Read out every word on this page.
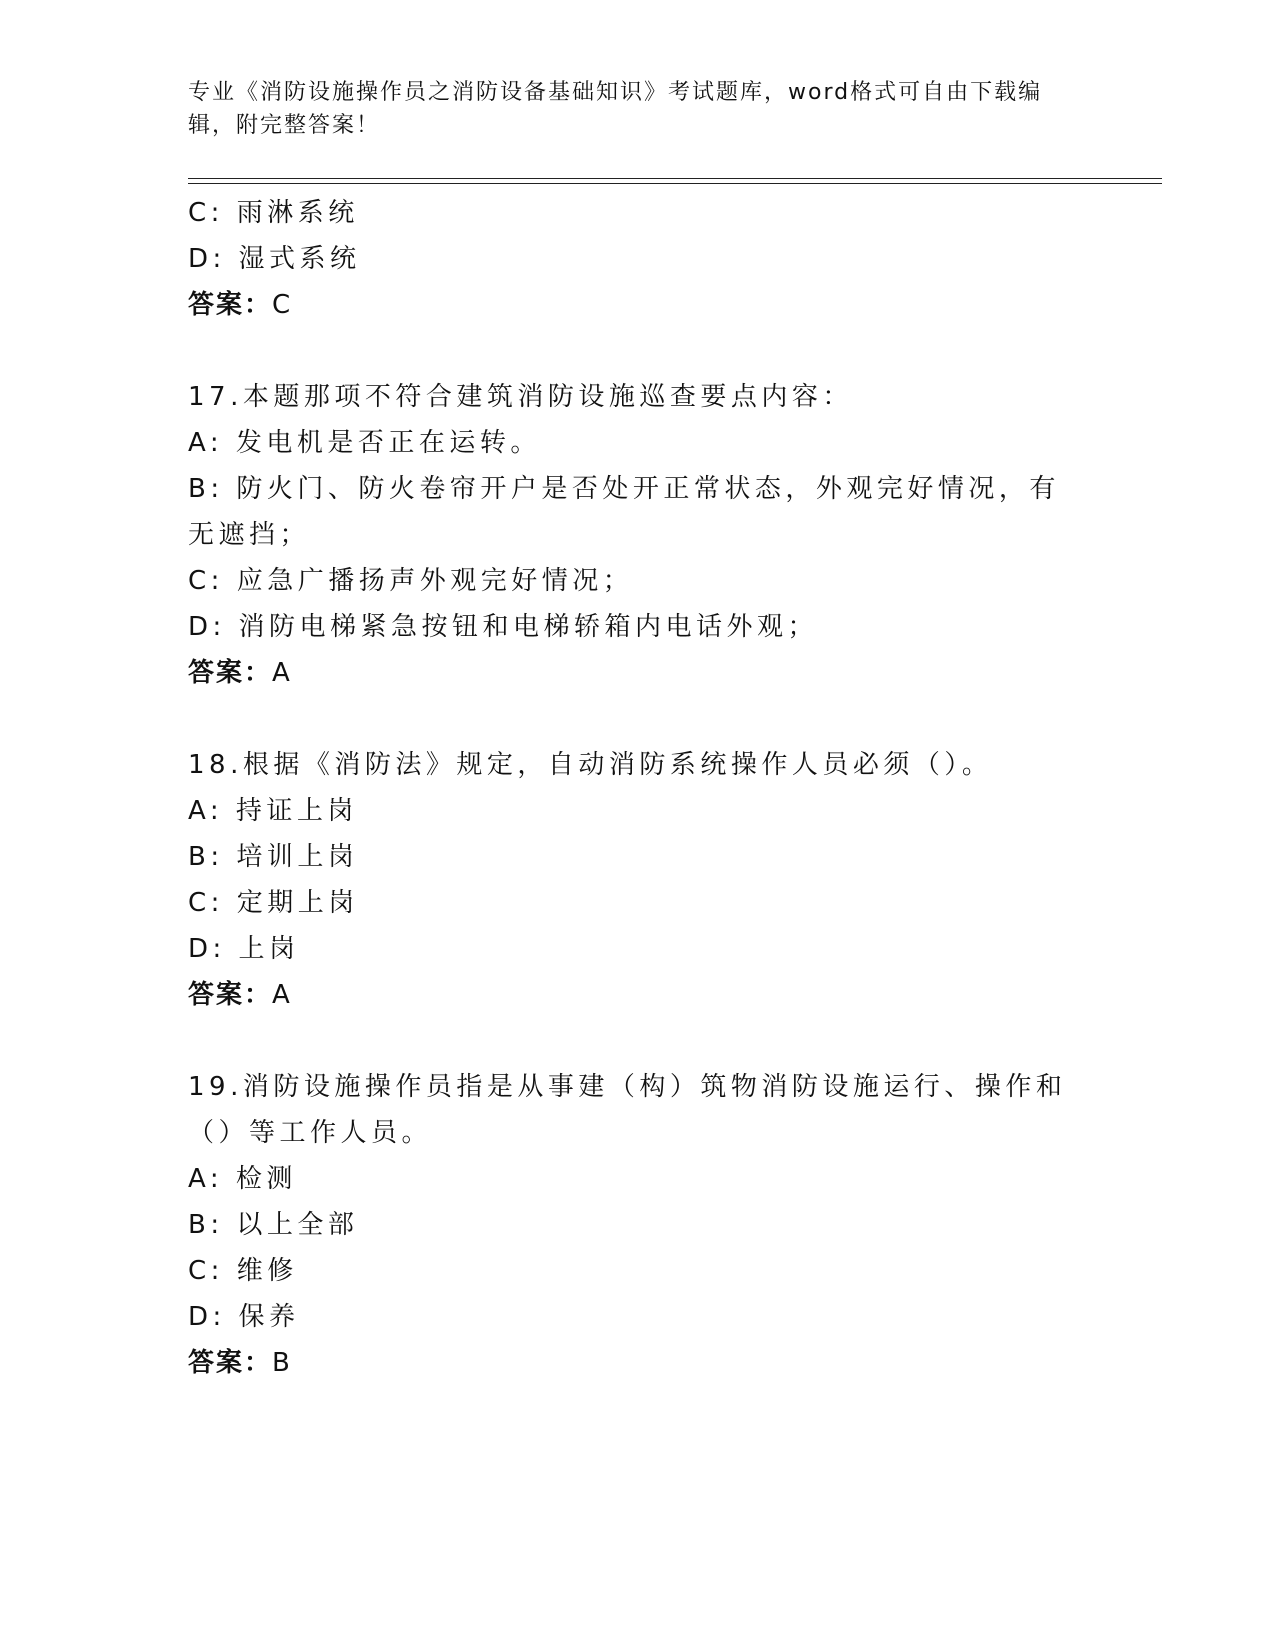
专业《消防设施操作员之消防设备基础知识》考试题库，word格式可自由下载编辑，附完整答案！
C: 雨淋系统
D: 湿式系统
答案：C
17.本题那项不符合建筑消防设施巡查要点内容：
A: 发电机是否正在运转。
B: 防火门、防火卷帘开户是否处开正常状态，外观完好情况，有无遮挡；
C: 应急广播扬声外观完好情况；
D: 消防电梯紧急按钮和电梯轿箱内电话外观；
答案：A
18.根据《消防法》规定，自动消防系统操作人员必须（）。
A: 持证上岗
B: 培训上岗
C: 定期上岗
D: 上岗
答案：A
19.消防设施操作员指是从事建（构）筑物消防设施运行、操作和（）等工作人员。
A: 检测
B: 以上全部
C: 维修
D: 保养
答案：B
